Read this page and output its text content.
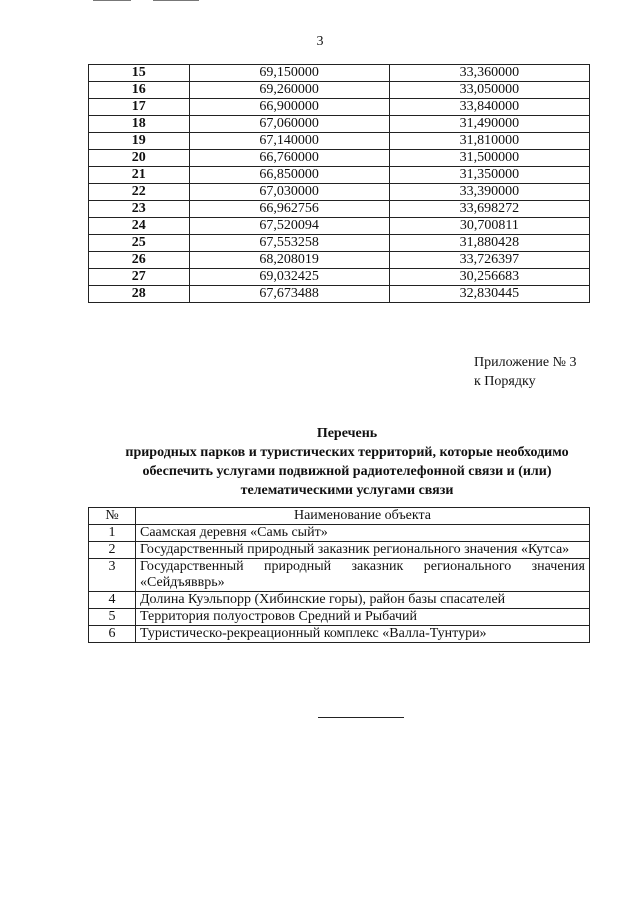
3
15	69,150000	33,360000
16	69,260000	33,050000
17	66,900000	33,840000
18	67,060000	31,490000
19	67,140000	31,810000
20	66,760000	31,500000
21	66,850000	31,350000
22	67,030000	33,390000
23	66,962756	33,698272
24	67,520094	30,700811
25	67,553258	31,880428
26	68,208019	33,726397
27	69,032425	30,256683
28	67,673488	32,830445
Приложение № 3
к Порядку
Перечень
природных парков и туристических территорий, которые необходимо
обеспечить услугами подвижной радиотелефонной связи и (или)
телематическими услугами связи
№	Наименование объекта
1	Саамская деревня «Самь сыйт»
2	Государственный природный заказник регионального значения «Кутса»
3	Государственный природный заказник регионального значения «Сейдъявврь»
4	Долина Куэльпорр (Хибинские горы), район базы спасателей
5	Территория полуостровов Средний и Рыбачий
6	Туристическо-рекреационный комплекс «Валла-Тунтури»
